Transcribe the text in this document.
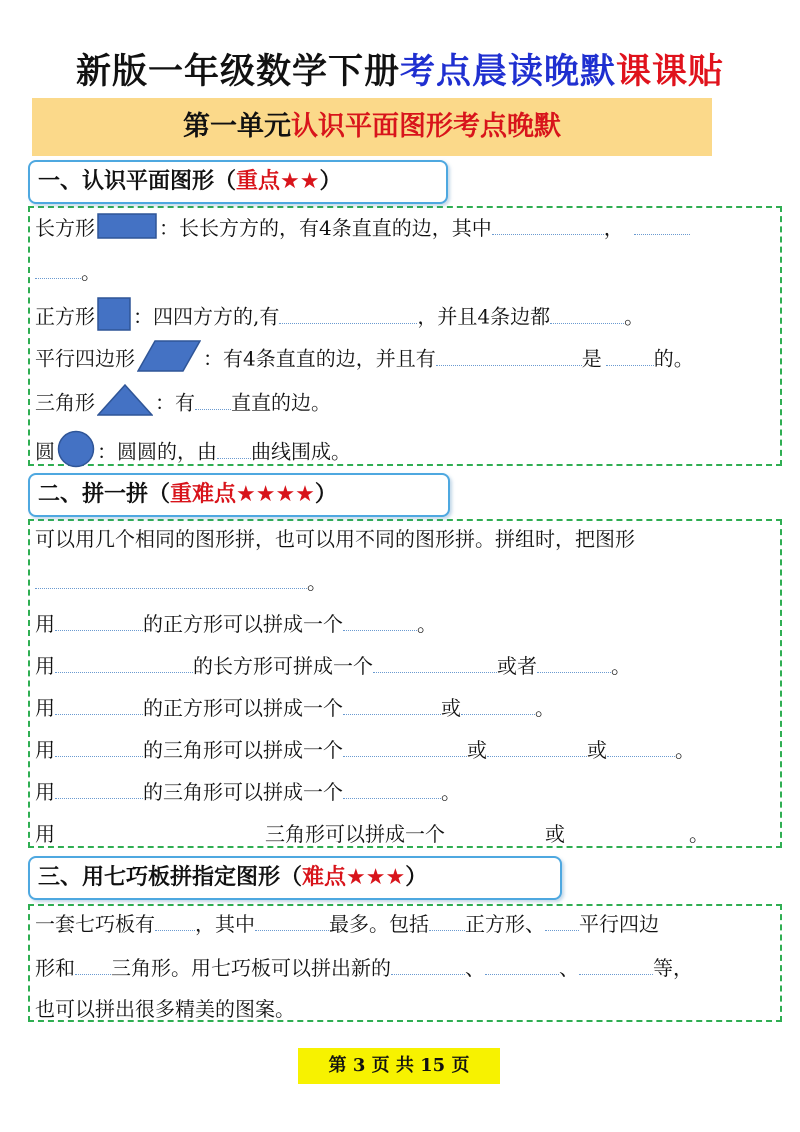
新版一年级数学下册考点晨读晚默课课贴
第一单元认识平面图形考点晚默
一、认识平面图形（重点★★）
长方形	：长长方方的，有4条直直的边，其中	，
。
正方形 ：四四方方的,有	，并且4条边都	。
平行四边形	：有4条直直的边，并且有	是	的。
三角形	：有 直直的边。
圆 ：圆圆的，由 曲线围成。
二、拼一拼（重难点★★★★）
可以用几个相同的图形拼，也可以用不同的图形拼。拼组时，把图形
。
用	的正方形可以拼成一个	。
用	的长方形可拼成一个	或者	。
用	的正方形可以拼成一个	或	。
用	的三角形可以拼成一个	或	或	。
用	的三角形可以拼成一个	。
用	三角形可以拼成一个	或	。
三、用七巧板拼指定图形（难点★★★）
一套七巧板有 ，其中	最多。包括 正方形、 平行四边
形和 三角形。用七巧板可以拼出新的	、	、	等，
也可以拼出很多精美的图案。
第 3 页 共 15 页
